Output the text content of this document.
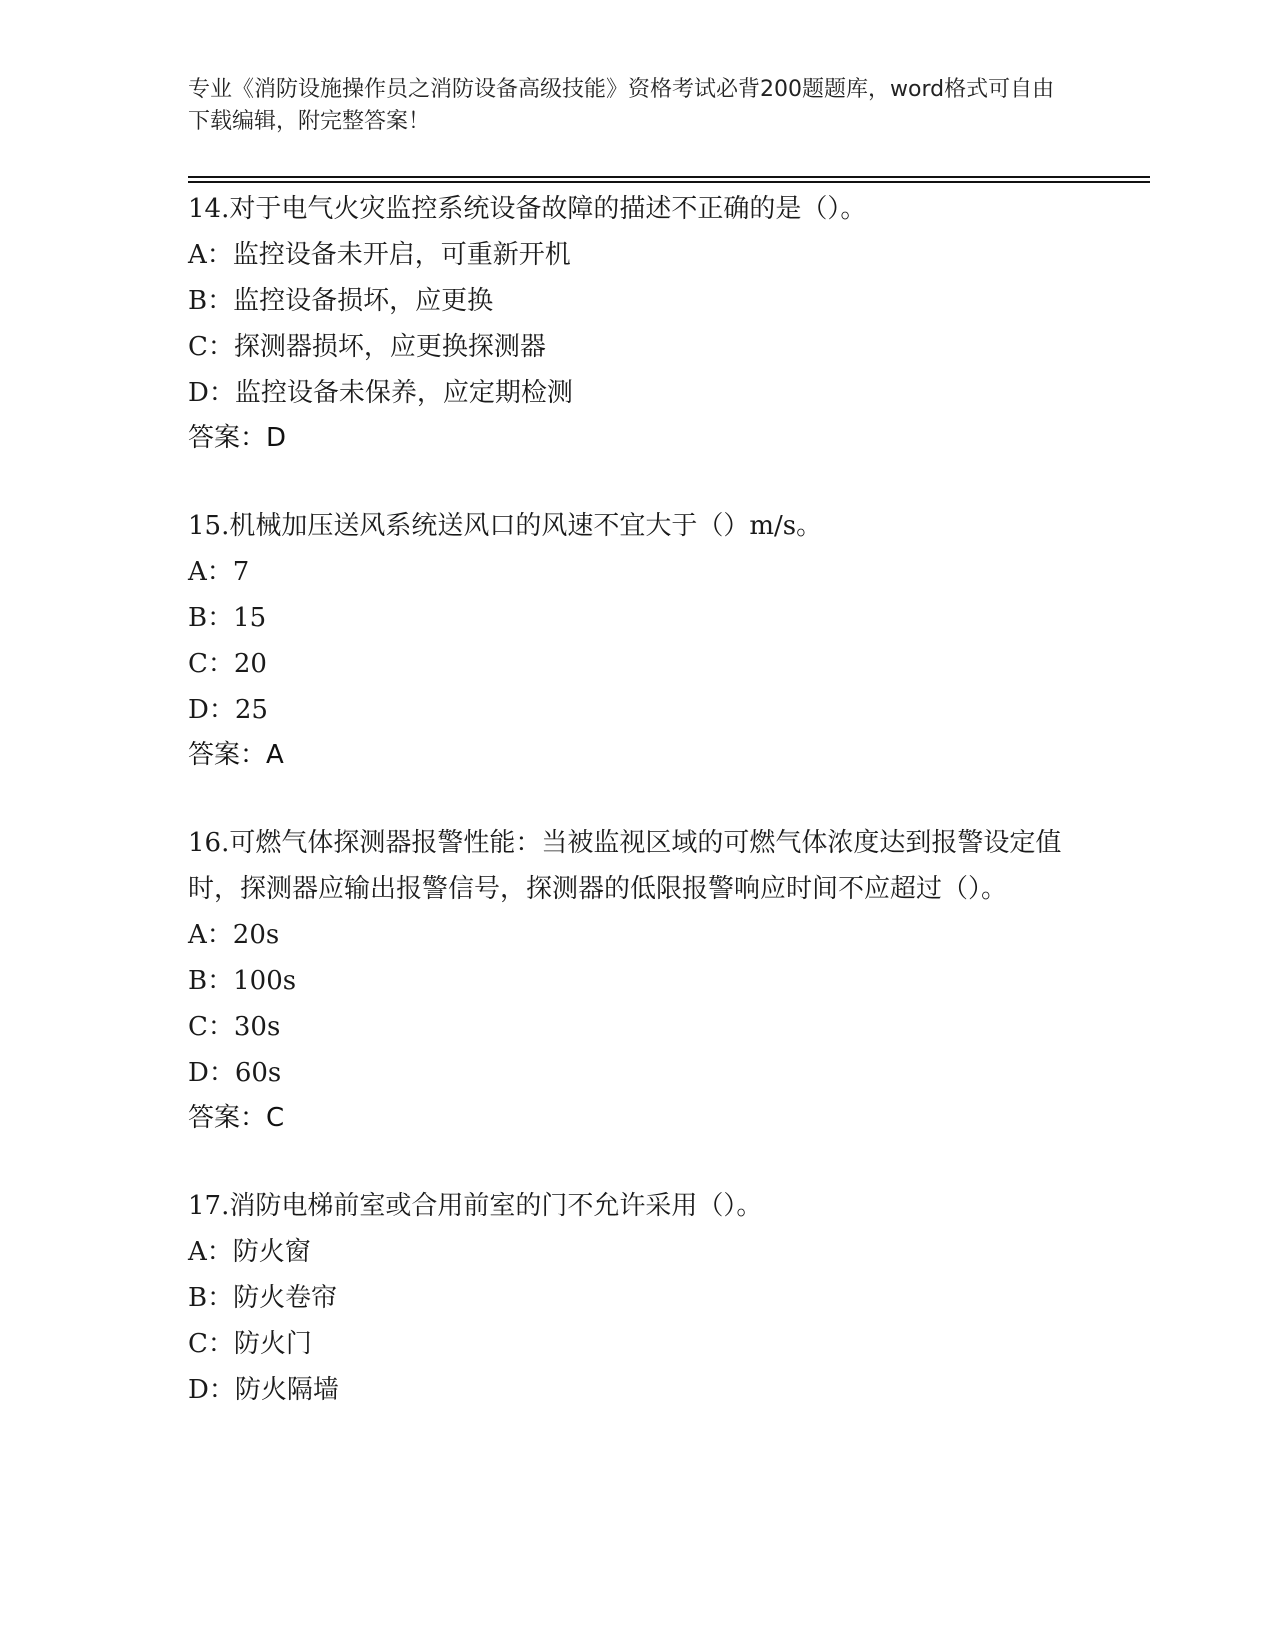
专业《消防设施操作员之消防设备高级技能》资格考试必背200题题库，word格式可自由下载编辑，附完整答案！
14.对于电气火灾监控系统设备故障的描述不正确的是（）。
A：监控设备未开启，可重新开机
B：监控设备损坏，应更换
C：探测器损坏，应更换探测器
D：监控设备未保养，应定期检测
答案：D
15.机械加压送风系统送风口的风速不宜大于（）m/s。
A：7
B：15
C：20
D：25
答案：A
16.可燃气体探测器报警性能：当被监视区域的可燃气体浓度达到报警设定值时，探测器应输出报警信号，探测器的低限报警响应时间不应超过（）。
A：20s
B：100s
C：30s
D：60s
答案：C
17.消防电梯前室或合用前室的门不允许采用（）。
A：防火窗
B：防火卷帘
C：防火门
D：防火隔墙
